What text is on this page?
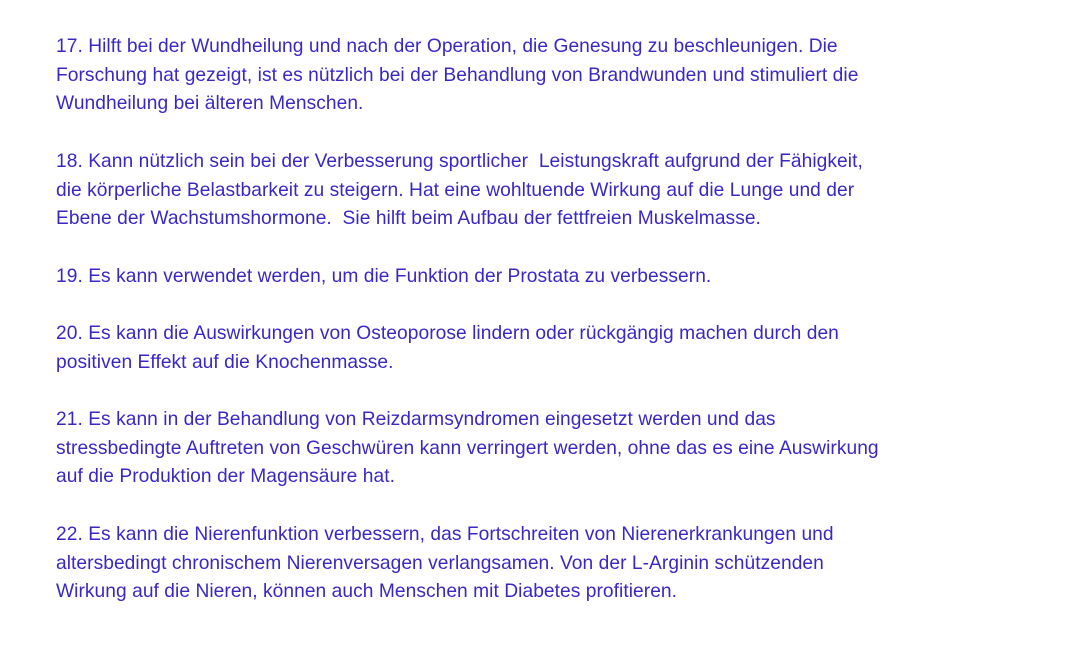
17. Hilft bei der Wundheilung und nach der Operation, die Genesung zu beschleunigen. Die
Forschung hat gezeigt, ist es nützlich bei der Behandlung von Brandwunden und stimuliert die
Wundheilung bei älteren Menschen.

18. Kann nützlich sein bei der Verbesserung sportlicher  Leistungskraft aufgrund der Fähigkeit,
die körperliche Belastbarkeit zu steigern. Hat eine wohltuende Wirkung auf die Lunge und der
Ebene der Wachstumshormone.  Sie hilft beim Aufbau der fettfreien Muskelmasse.

19. Es kann verwendet werden, um die Funktion der Prostata zu verbessern.

20. Es kann die Auswirkungen von Osteoporose lindern oder rückgängig machen durch den
positiven Effekt auf die Knochenmasse.

21. Es kann in der Behandlung von Reizdarmsyndromen eingesetzt werden und das
stressbedingte Auftreten von Geschwüren kann verringert werden, ohne das es eine Auswirkung
auf die Produktion der Magensäure hat.

22. Es kann die Nierenfunktion verbessern, das Fortschreiten von Nierenerkrankungen und
altersbedingt chronischem Nierenversagen verlangsamen. Von der L-Arginin schützenden
Wirkung auf die Nieren, können auch Menschen mit Diabetes profitieren.
